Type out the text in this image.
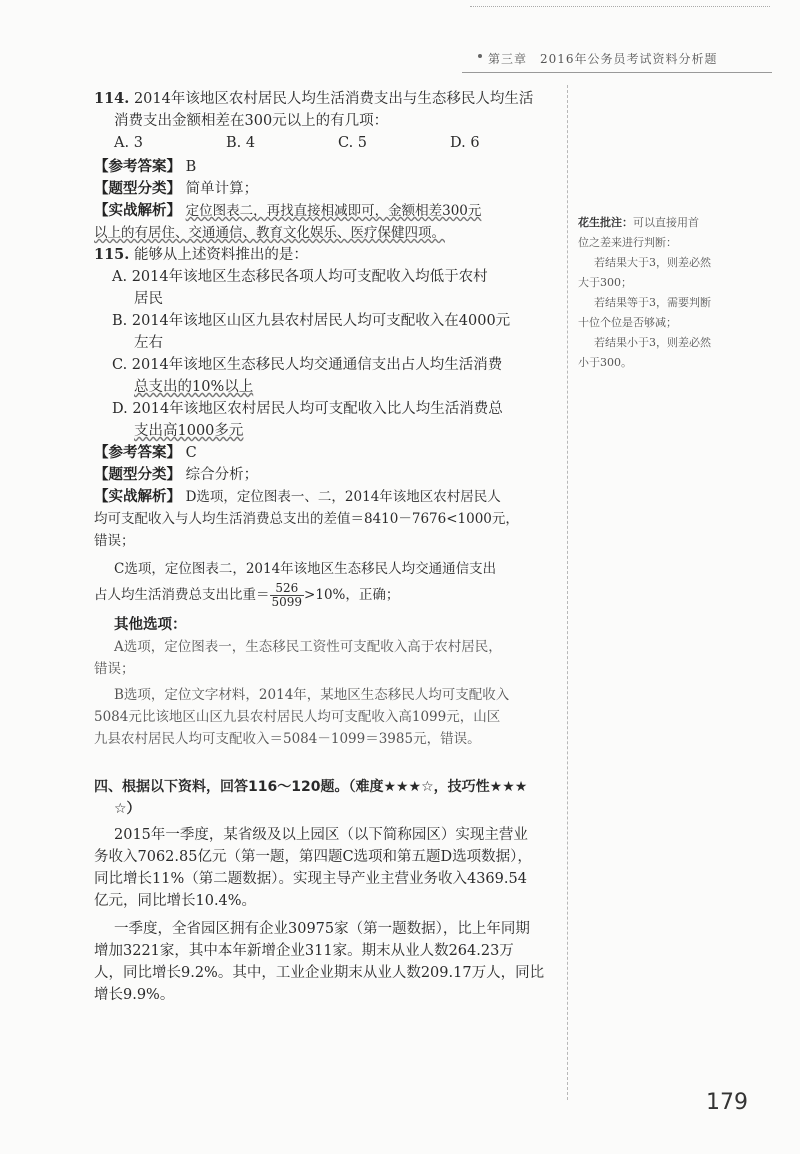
第三章　2016年公务员考试资料分析题

114. 2014年该地区农村居民人均生活消费支出与生态移民人均生活

消费支出金额相差在300元以上的有几项：

A. 3	B. 4	C. 5	D. 6

【参考答案】 B

【题型分类】 简单计算；

【实战解析】 定位图表二，再找直接相减即可，金额相差300元

以上的有居住、交通通信、教育文化娱乐、医疗保健四项。

115. 能够从上述资料推出的是：

A. 2014年该地区生态移民各项人均可支配收入均低于农村

居民

B. 2014年该地区山区九县农村居民人均可支配收入在4000元

左右

C. 2014年该地区生态移民人均交通通信支出占人均生活消费

总支出的10%以上

D. 2014年该地区农村居民人均可支配收入比人均生活消费总

支出高1000多元

【参考答案】 C

【题型分类】 综合分析；

【实战解析】 D选项，定位图表一、二，2014年该地区农村居民人

均可支配收入与人均生活消费总支出的差值＝8410－7676<1000元，

错误；

C选项，定位图表二，2014年该地区生态移民人均交通通信支出

占人均生活消费总支出比重＝ $\frac{526}{5099} >10\%$，正确；

其他选项：

A选项，定位图表一，生态移民工资性可支配收入高于农村居民，

错误；

B选项，定位文字材料，2014年，某地区生态移民人均可支配收入

5084元比该地区山区九县农村居民人均可支配收入高1099元，山区

九县农村居民人均可支配收入＝5084－1099＝3985元，错误。

四、根据以下资料，回答116～120题。（难度★★★☆，技巧性★★★

☆）

2015年一季度，某省级及以上园区（以下简称园区）实现主营业

务收入7062.85亿元（第一题，第四题C选项和第五题D选项数据），

同比增长11%（第二题数据）。实现主导产业主营业务收入4369.54

亿元，同比增长10.4%。

一季度，全省园区拥有企业30975家（第一题数据），比上年同期

增加3221家，其中本年新增企业311家。期末从业人数264.23万

人，同比增长9.2%。其中，工业企业期末从业人数209.17万人，同比

增长9.9%。

花生批注：可以直接用首

位之差来进行判断：

若结果大于3，则差必然

大于300；

若结果等于3，需要判断

十位个位是否够减；

若结果小于3，则差必然

小于300。

179
